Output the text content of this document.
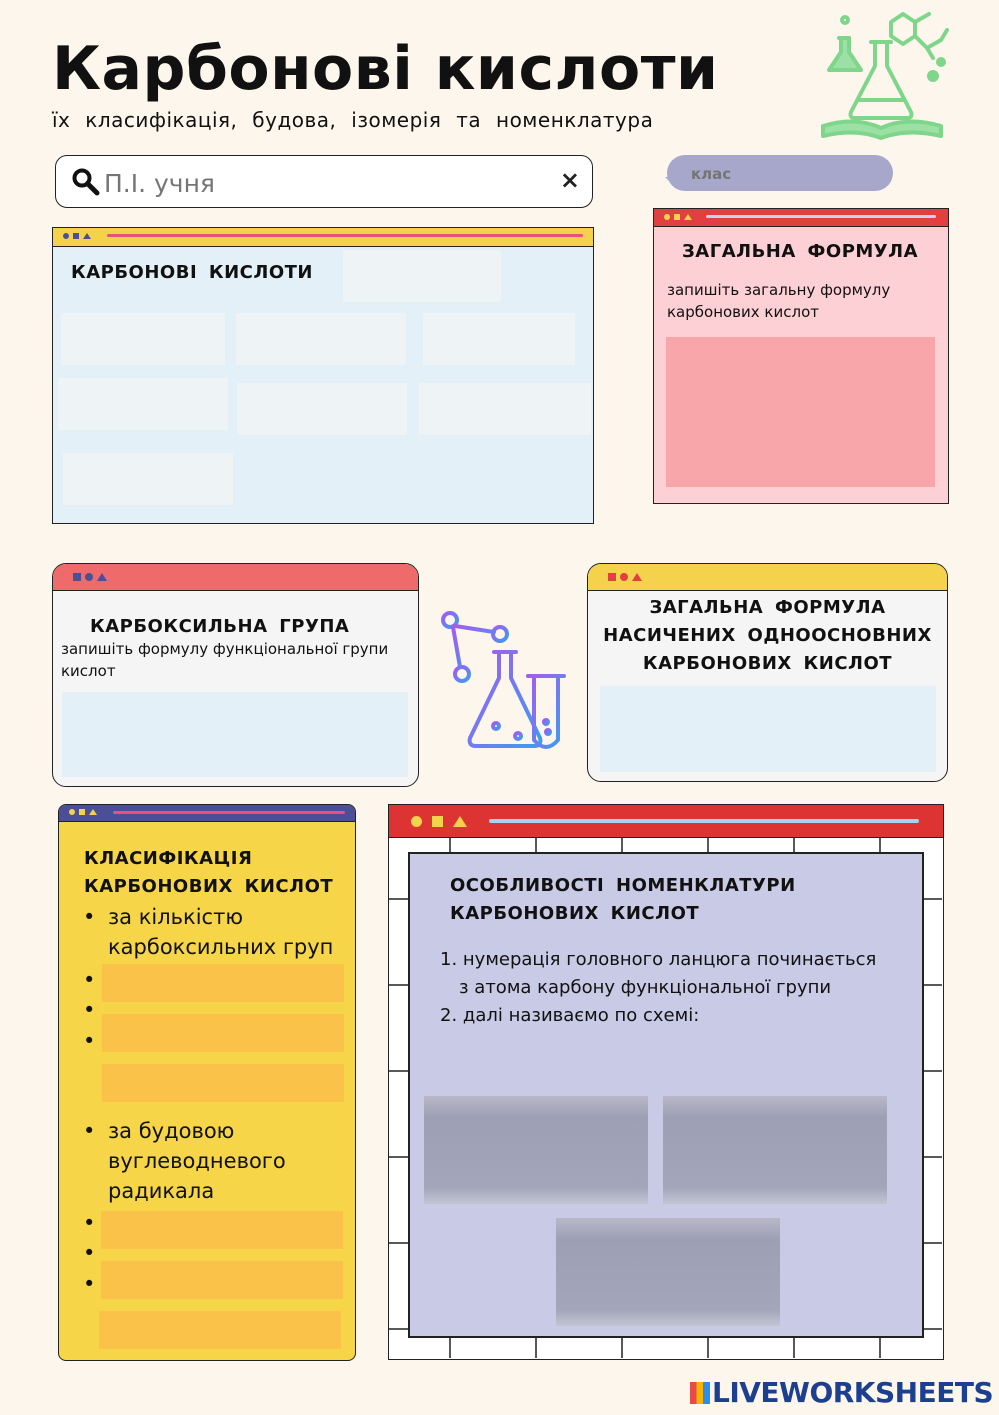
Карбонові кислоти
їх класифікація, будова, ізомерія та номенклатура
П.І. учня
×
клас
КАРБОНОВІ КИСЛОТИ
ЗАГАЛЬНА ФОРМУЛА
запишіть загальну формулу карбонових кислот
КАРБОКСИЛЬНА ГРУПА
запишіть формулу функціональної групи кислот
ЗАГАЛЬНА ФОРМУЛА
НАСИЧЕНИХ ОДНООСНОВНИХ
КАРБОНОВИХ КИСЛОТ
КЛАСИФІКАЦІЯ
КАРБОНОВИХ КИСЛОТ
• за кількістю
карбоксильних груп
•
•
•
• за будовою
вуглеводневого
радикала
•
•
•
ОСОБЛИВОСТІ НОМЕНКЛАТУРИ
КАРБОНОВИХ КИСЛОТ
1. нумерація головного ланцюга починається
з атома карбону функціональної групи
2. далі називаємо по схемі:
LIVEWORKSHEETS
